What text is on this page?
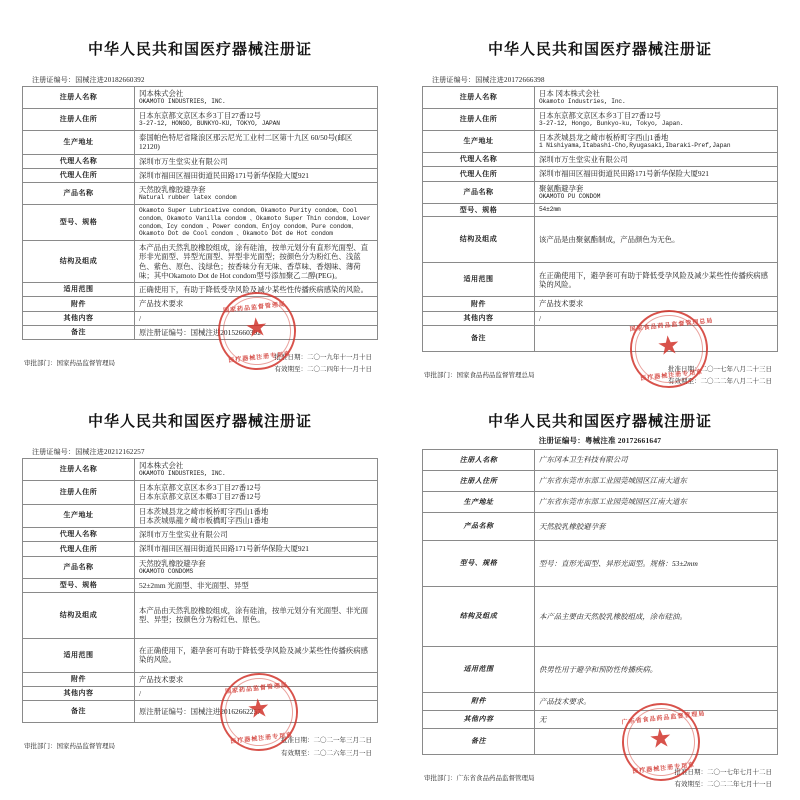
中华人民共和国医疗器械注册证
注册证编号：国械注进20182660392
注册人名称	冈本株式会社
OKAMOTO INDUSTRIES, INC.

注册人住所	日本东京都文京区本乡3丁目27番12号
3-27-12, HONGO, BUNKYO-KU, TOKYO, JAPAN

生产地址	泰国帕色特尼省隆浪区那云尼光工业村二区第十九区 60/50号(邮区12120)

代理人名称	深圳市万生堂实业有限公司

代理人住所	深圳市福田区福田街道民田路171号新华保险大厦921

产品名称	天然胶乳橡胶避孕套
Natural rubber latex condom

型号、规格	Okamoto Super Lubricative condom、Okamoto Purity condom、Cool condom、Okamoto Vanilla condom 、Okamoto Super Thin condom、Lover condom、Icy condom 、Power condom、Enjoy condom、Pure condom、Okamoto Dot de Cool condom 、Okamoto Dot de Hot condom

结构及组成	本产品由天然乳胶橡胶组成，涂有硅油，按单元划分有直形光面型、直形非光面型、异型光面型、异型非光面型；按颜色分为粉红色、浅蓝色、紫色、原色、浅绿色；按香味分有无味、香草味、香烟味、薄荷味；其中Okamoto Dot de Hot condom型号添加聚乙二醇(PEG)。

适用范围	正确使用下，有助于降低受孕风险及减少某些性传播疾病感染的风险。

附件	产品技术要求

其他内容	/

备注	原注册证编号：国械注进20152660392
审批部门：国家药品监督管理局
批准日期：二〇一九年十一月十日
有效期至：二〇二四年十一月十日
国家药品监督管理局
★
医疗器械注册专用章
中华人民共和国医疗器械注册证
注册证编号：国械注进20172666398
注册人名称	日本 冈本株式会社
Okamoto Industries, Inc.

注册人住所	日本东京都文京区本乡3丁目27番12号
3-27-12, Hongo, Bunkyo-ku, Tokyo, Japan.

生产地址	日本茨城县龙之崎市板桥町字西山1番地
1 Nishiyama,Itabashi-Cho,Ryugasaki,Ibaraki-Pref,Japan

代理人名称	深圳市万生堂实业有限公司

代理人住所	深圳市福田区福田街道民田路171号新华保险大厦921

产品名称	聚氨酯避孕套
OKAMOTO PU CONDOM

型号、规格	54±2mm

结构及组成	该产品是由聚氨酯制成，产品颜色为无色。

适用范围	在正确使用下，避孕套可有助于降低受孕风险及减少某些性传播疾病感染的风险。

附件	产品技术要求

其他内容	/

备注	
审批部门：国家食品药品监督管理总局
批准日期：二〇一七年八月二十三日
有效期至：二〇二二年八月二十二日
国家食品药品监督管理总局
★
医疗器械注册专用章
中华人民共和国医疗器械注册证
注册证编号：国械注进20212162257
注册人名称	冈本株式会社
OKAMOTO INDUSTRIES, INC.

注册人住所	日本东京都文京区本乡3丁目27番12号
日本东京都文京区本郷3丁目27番12号

生产地址	日本茨城县龙之崎市板桥町字西山1番地
日本茨城県龍ケ崎市板橋町字西山1番地

代理人名称	深圳市万生堂实业有限公司

代理人住所	深圳市福田区福田街道民田路171号新华保险大厦921

产品名称	天然胶乳橡胶避孕套
OKAMOTO CONDOMS

型号、规格	52±2mm 光面型、非光面型、异型

结构及组成	本产品由天然乳胶橡胶组成，涂有硅油，按单元划分有光面型、非光面型、异型；按颜色分为粉红色、原色。

适用范围	在正确使用下，避孕套可有助于降低受孕风险及减少某些性传播疾病感染的风险。

附件	产品技术要求

其他内容	/

备注	原注册证编号：国械注进20162662257
审批部门：国家药品监督管理局
批准日期：二〇二一年三月二日
有效期至：二〇二六年三月一日
国家药品监督管理局
★
医疗器械注册专用章
中华人民共和国医疗器械注册证
注册证编号：粤械注准 20172661647
注册人名称	广东冈本卫生科技有限公司

注册人住所	广东省东莞市东部工业园莞城园区江南大道东

生产地址	广东省东莞市东部工业园莞城园区江南大道东

产品名称	天然胶乳橡胶避孕套

型号、规格	型号：直形光面型、异形光面型。规格：53±2mm

结构及组成	本产品主要由天然胶乳橡胶组成，涂布硅油。

适用范围	供男性用于避孕和预防性传播疾病。

附件	产品技术要求。

其他内容	无

备注	
审批部门：广东省食品药品监督管理局
批准日期：二〇一七年七月十二日
有效期至：二〇二二年七月十一日
广东省食品药品监督管理局
★
医疗器械注册专用章
